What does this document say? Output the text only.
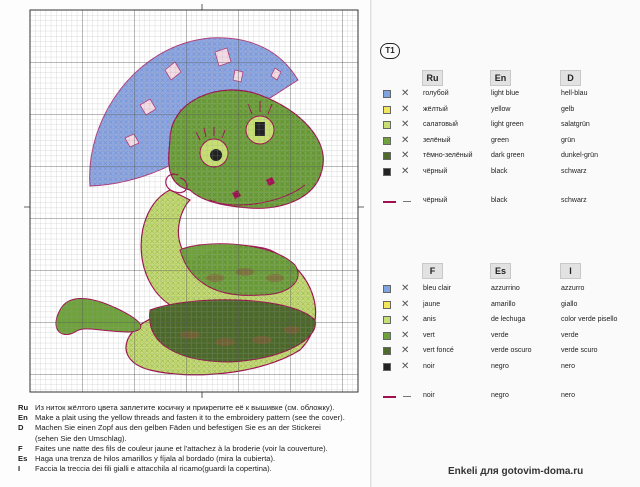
Ru Из ниток жёлтого цвета заплетите косичку и прикрепите её к вышивке (см. обложку).
En Make a plait using the yellow threads and fasten it to the embroidery pattern (see the cover).
D	Machen Sie einen Zopf aus den gelben Fäden und befestigen Sie es an der Stickerei
(sehen Sie den Umschlag).
F	Faites une natte des fils de couleur jaune et l'attachez à la broderie (voir la couverture).
Es	Haga una trenza de hilos amarillos y fíjala al bordado (mira la cubierta).
I	Faccia la treccia dei fili gialli e attacchila al ricamo(guardi la copertina).
T1
Ru	En	D
✕ голубой	light blue	hell-blau
✕ жёлтый	yellow	gelb
✕ салатовый	light green	salatgrün
✕ зелёный	green	grün
✕ тёмно-зелёный	dark green	dunkel-grün
✕ чёрный	black	schwarz
чёрный	black	schwarz
F	Es	I
✕ bleu clair	azzurrino	azzurro
✕ jaune	amarillo	giallo
✕ anis	de lechuga	color verde pisello
✕ vert	verde	verde
✕ vert foncé	verde oscuro	verde scuro
✕ noir	negro	nero
noir	negro	nero
Enkeli для gotovim-doma.ru
